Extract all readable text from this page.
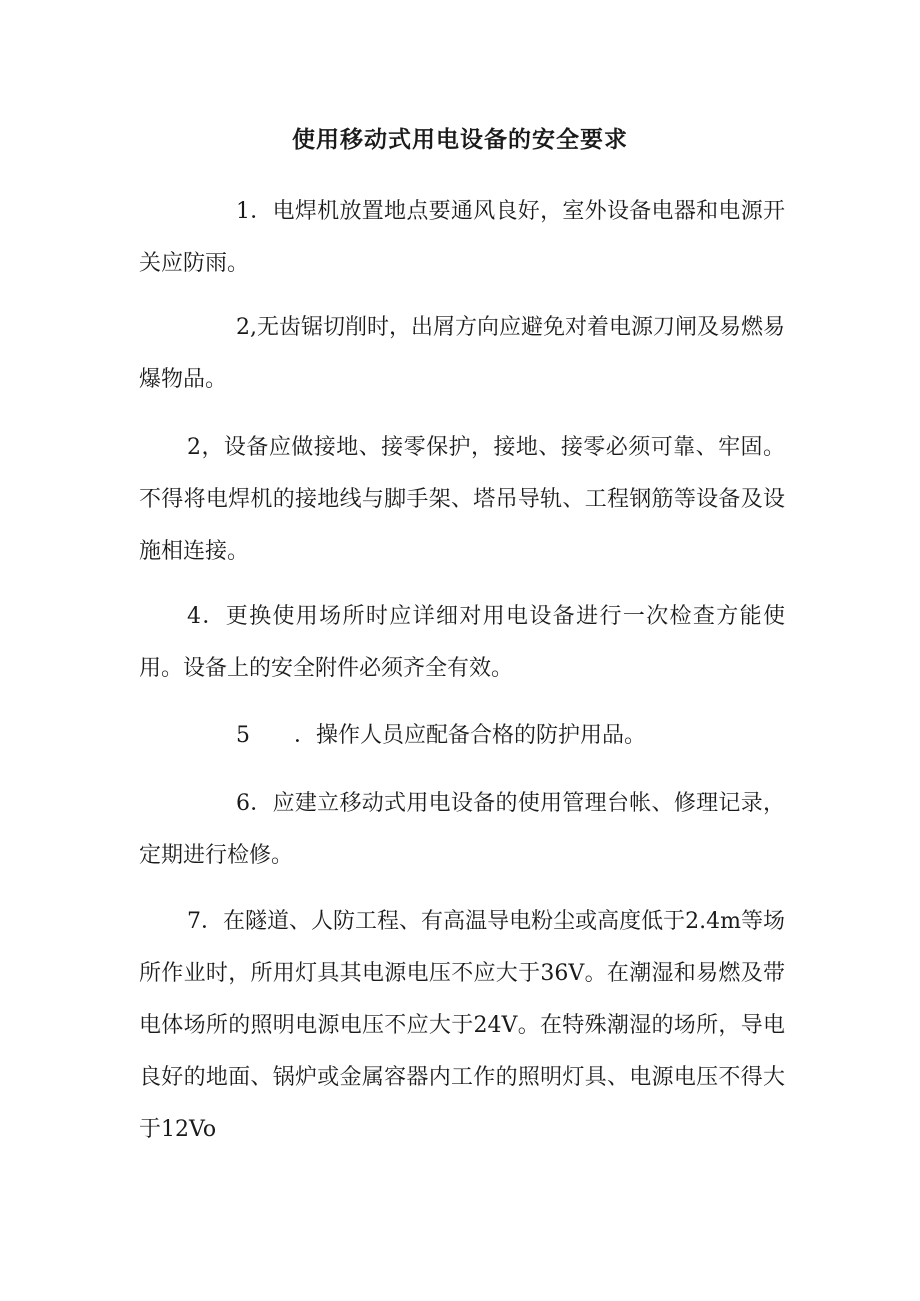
使用移动式用电设备的安全要求

1．电焊机放置地点要通风良好，室外设备电器和电源开关应防雨。

2,无齿锯切削时，出屑方向应避免对着电源刀闸及易燃易爆物品。

2，设备应做接地、接零保护，接地、接零必须可靠、牢固。不得将电焊机的接地线与脚手架、塔吊导轨、工程钢筋等设备及设施相连接。

4．更换使用场所时应详细对用电设备进行一次检查方能使用。设备上的安全附件必须齐全有效。

5　　．操作人员应配备合格的防护用品。

6．应建立移动式用电设备的使用管理台帐、修理记录，定期进行检修。

7．在隧道、人防工程、有高温导电粉尘或高度低于2.4m等场所作业时，所用灯具其电源电压不应大于36V。在潮湿和易燃及带电体场所的照明电源电压不应大于24V。在特殊潮湿的场所，导电良好的地面、锅炉或金属容器内工作的照明灯具、电源电压不得大于12Vo
